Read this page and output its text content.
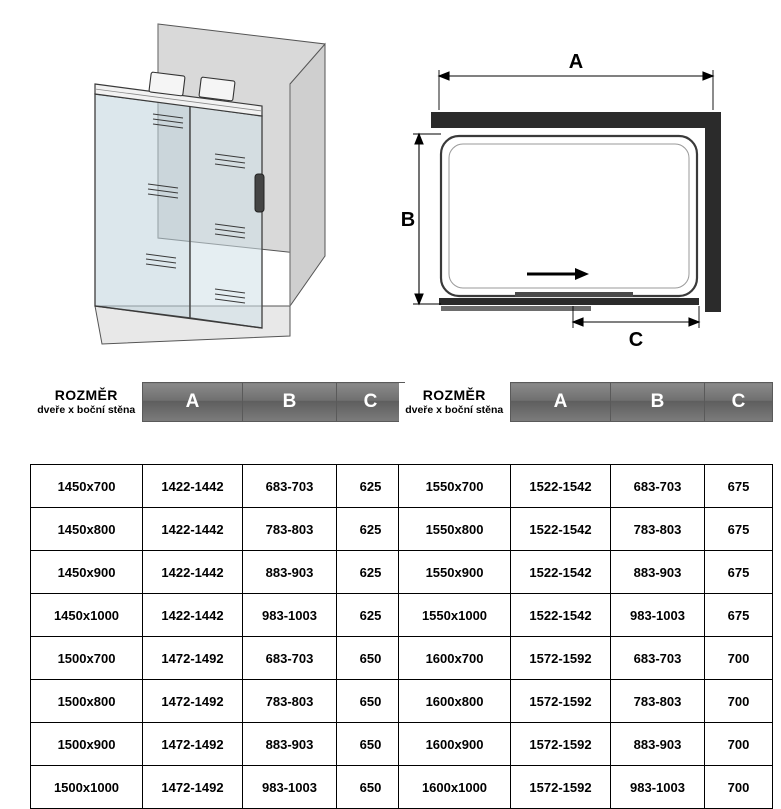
A
B
C
ROZMĚR
dveře x boční stěna	A	B	C

1450x700	1422-1442	683-703	625
1450x800	1422-1442	783-803	625
1450x900	1422-1442	883-903	625
1450x1000	1422-1442	983-1003	625
1500x700	1472-1492	683-703	650
1500x800	1472-1492	783-803	650
1500x900	1472-1492	883-903	650
1500x1000	1472-1492	983-1003	650
ROZMĚR
dveře x boční stěna	A	B	C

1550x700	1522-1542	683-703	675
1550x800	1522-1542	783-803	675
1550x900	1522-1542	883-903	675
1550x1000	1522-1542	983-1003	675
1600x700	1572-1592	683-703	700
1600x800	1572-1592	783-803	700
1600x900	1572-1592	883-903	700
1600x1000	1572-1592	983-1003	700
